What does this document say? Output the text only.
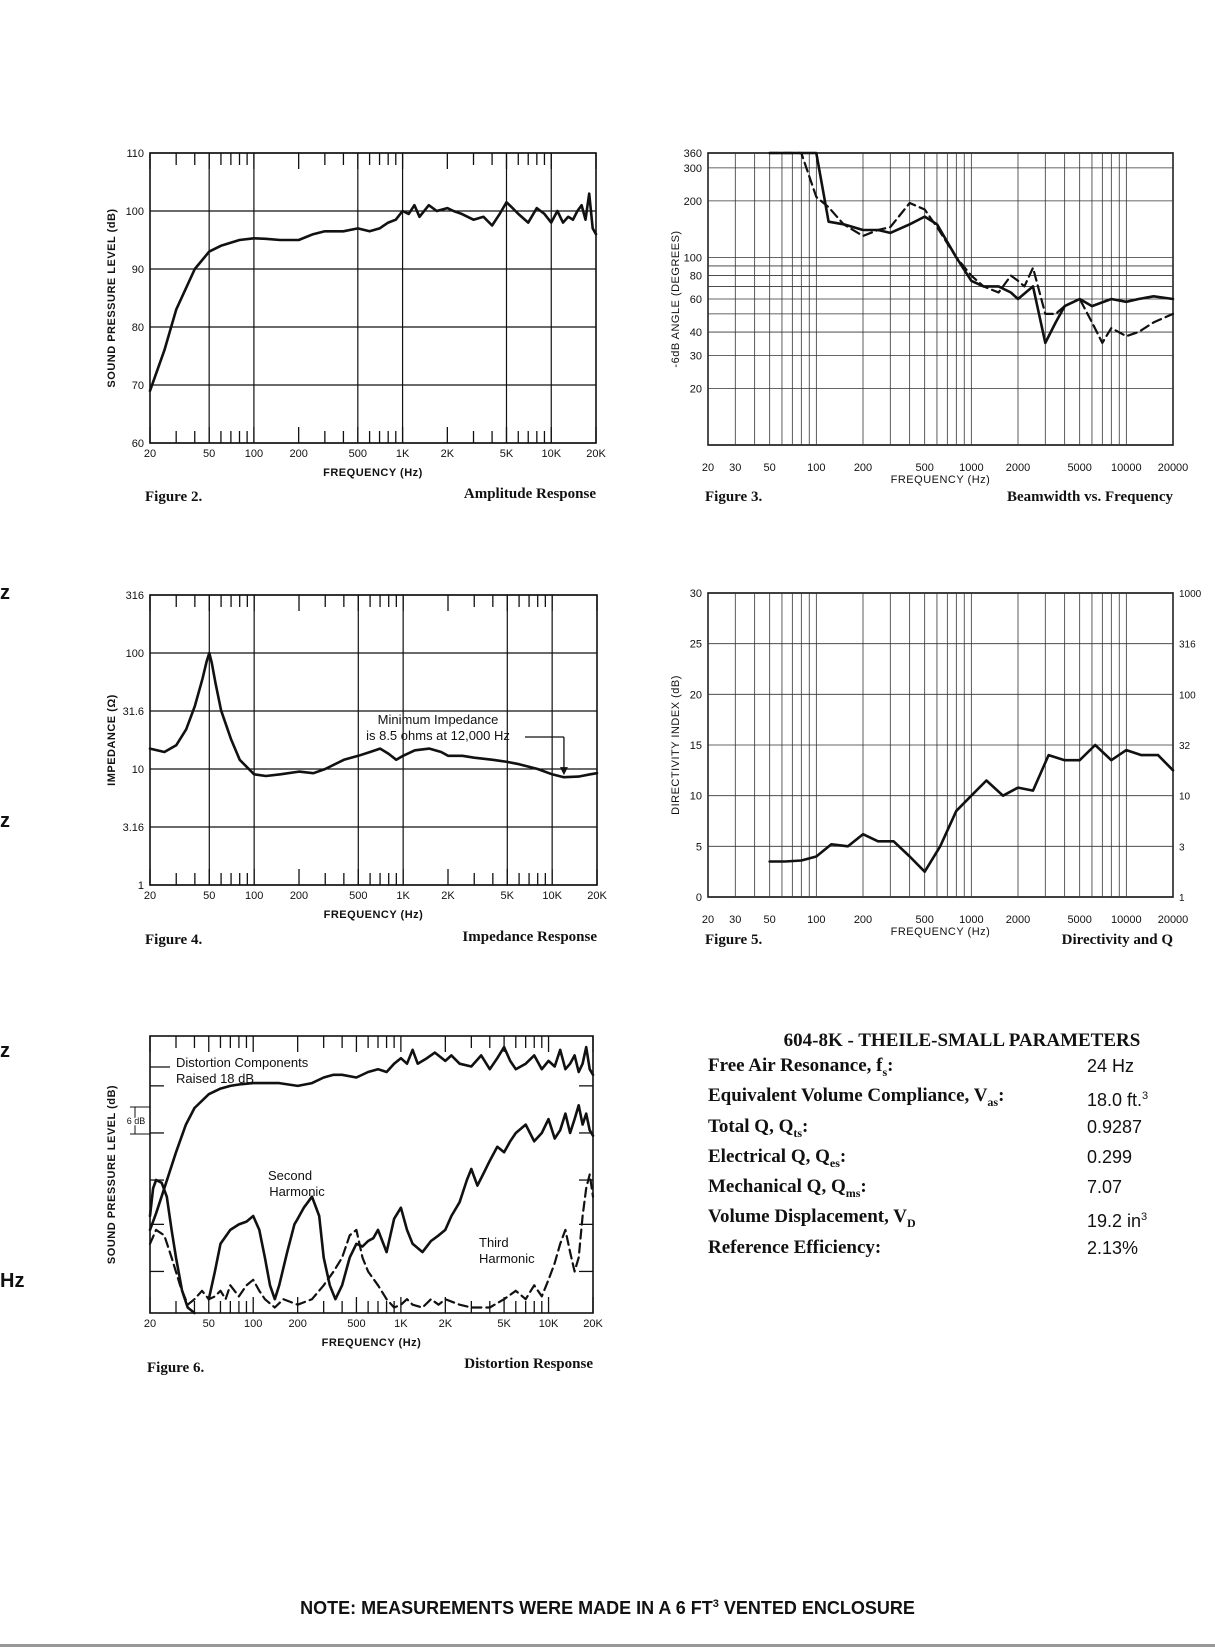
20	50	100 200	500	1K	2K	5K	10K 20K
60
70
80
90
100
110
FREQUENCY (Hz)
SOUND PRESSURE LEVEL (dB)
20 30 50	100	200	500 1000 2000	5000 10000 20000
20
30
40
60
80
100
200
300
360
FREQUENCY (Hz)
-6dB ANGLE (DEGREES)
20	50	100 200	500	1K	2K	5K	10K 20K
1
3.16
10
31.6
100
316
FREQUENCY (Hz)
IMPEDANCE (Ω)	Minimum Impedance
is 8.5 ohms at 12,000 Hz
20 30 50	100	200	500 1000 2000	5000 10000 20000
0
5
10
15
20
25
30
1
3
10
32
100
316
1000
FREQUENCY (Hz)
DIRECTIVITY INDEX (dB)
20	50	100 200	500	1K	2K	5K	10K 20K
FREQUENCY (Hz)
SOUND PRESSURE LEVEL (dB)
Distortion Components
Raised 18 dB
Second
Harmonic
Third
Harmonic
6 dB

Figure 2.	Amplitude Response	Figure 3.	Beamwidth vs. Frequency

Figure 4.	Impedance Response	Figure 5.	Directivity and Q

Figure 6.	Distortion Response

604-8K - THEILE-SMALL PARAMETERS

Free Air Resonance, $f_s$:	24 Hz
Equivalent Volume Compliance, $V_{as}$:	18.0 ft.$^3$
Total Q, $Q_{ts}$:	0.9287
Electrical Q, $Q_{es}$:	0.299
Mechanical Q, $Q_{ms}$:	7.07
Volume Displacement, $V_D$	19.2 $in^3$
Reference Efficiency:	2.13%

NOTE: MEASUREMENTS WERE MADE IN A 6 $FT^3$ VENTED ENCLOSURE

z
z
z
Hz
